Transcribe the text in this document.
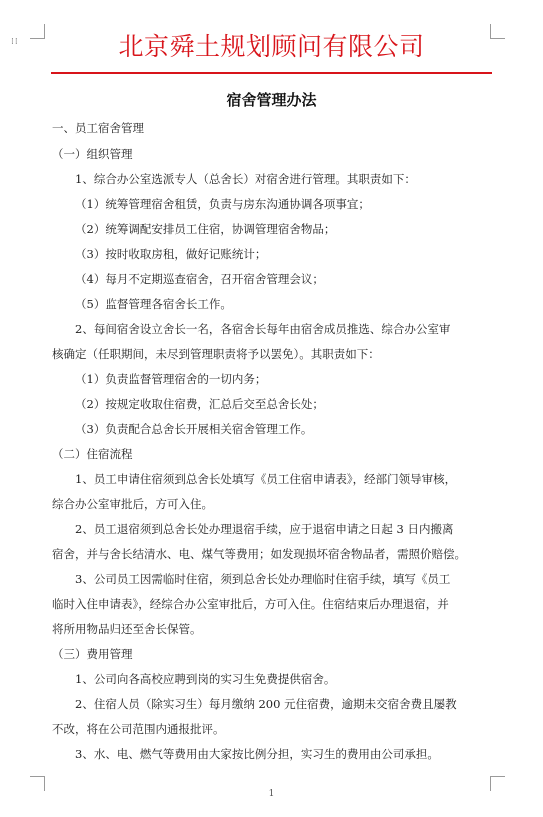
⁞⁞	北京舜土规划顾问有限公司
宿舍管理办法
一、员工宿舍管理
（一）组织管理
1、综合办公室选派专人（总舍长）对宿舍进行管理。其职责如下：
（1）统筹管理宿舍租赁，负责与房东沟通协调各项事宜；
（2）统筹调配安排员工住宿，协调管理宿舍物品；
（3）按时收取房租，做好记账统计；
（4）每月不定期巡查宿舍，召开宿舍管理会议；
（5）监督管理各宿舍长工作。
2、每间宿舍设立舍长一名，各宿舍长每年由宿舍成员推选、综合办公室审
核确定（任职期间，未尽到管理职责将予以罢免）。其职责如下：
（1）负责监督管理宿舍的一切内务；
（2）按规定收取住宿费，汇总后交至总舍长处；
（3）负责配合总舍长开展相关宿舍管理工作。
（二）住宿流程
1、员工申请住宿须到总舍长处填写《员工住宿申请表》，经部门领导审核，
综合办公室审批后，方可入住。
2、员工退宿须到总舍长处办理退宿手续，应于退宿申请之日起 3 日内搬离
宿舍，并与舍长结清水、电、煤气等费用；如发现损坏宿舍物品者，需照价赔偿。
3、公司员工因需临时住宿，须到总舍长处办理临时住宿手续，填写《员工
临时入住申请表》，经综合办公室审批后，方可入住。住宿结束后办理退宿，并
将所用物品归还至舍长保管。
（三）费用管理
1、公司向各高校应聘到岗的实习生免费提供宿舍。
2、住宿人员（除实习生）每月缴纳 200 元住宿费，逾期未交宿舍费且屡教
不改，将在公司范围内通报批评。
3、水、电、燃气等费用由大家按比例分担，实习生的费用由公司承担。
1
